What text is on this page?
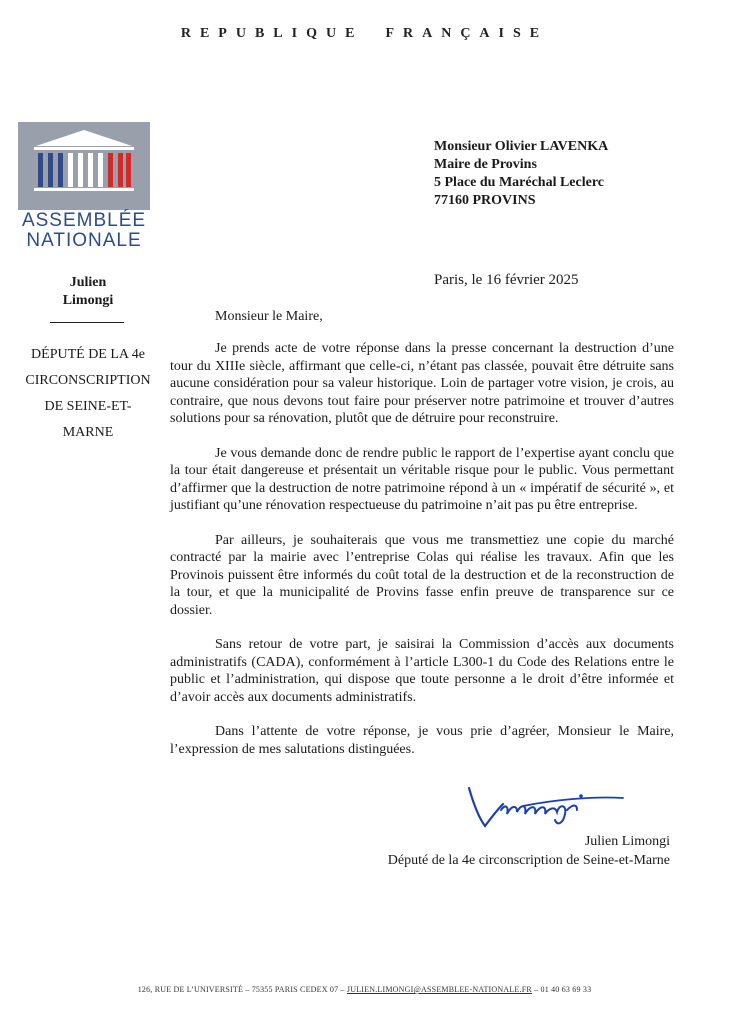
REPUBLIQUE FRANÇAISE
ASSEMBLÉE
NATIONALE
Julien
Limongi
DÉPUTÉ DE LA 4e
CIRCONSCRIPTION
DE SEINE-ET-
MARNE
Monsieur Olivier LAVENKA
Maire de Provins
5 Place du Maréchal Leclerc
77160 PROVINS
Paris, le 16 février 2025
Monsieur le Maire,

Je prends acte de votre réponse dans la presse concernant la destruction d’une tour du XIIIe siècle, affirmant que celle-ci, n’étant pas classée, pouvait être détruite sans aucune considération pour sa valeur historique. Loin de partager votre vision, je crois, au contraire, que nous devons tout faire pour préserver notre patrimoine et trouver d’autres solutions pour sa rénovation, plutôt que de détruire pour reconstruire.

Je vous demande donc de rendre public le rapport de l’expertise ayant conclu que la tour était dangereuse et présentait un véritable risque pour le public. Vous permettant d’affirmer que la destruction de notre patrimoine répond à un « impératif de sécurité », et justifiant qu’une rénovation respectueuse du patrimoine n’ait pas pu être entreprise.

Par ailleurs, je souhaiterais que vous me transmettiez une copie du marché contracté par la mairie avec l’entreprise Colas qui réalise les travaux. Afin que les Provinois puissent être informés du coût total de la destruction et de la reconstruction de la tour, et que la municipalité de Provins fasse enfin preuve de transparence sur ce dossier.

Sans retour de votre part, je saisirai la Commission d’accès aux documents administratifs (CADA), conformément à l’article L300-1 du Code des Relations entre le public et l’administration, qui dispose que toute personne a le droit d’être informée et d’avoir accès aux documents administratifs.

Dans l’attente de votre réponse, je vous prie d’agréer, Monsieur le Maire, l’expression de mes salutations distinguées.

Julien Limongi
Député de la 4e circonscription de Seine-et-Marne
126, RUE DE L’UNIVERSITÉ – 75355 PARIS CEDEX 07 – JULIEN.LIMONGI@ASSEMBLEE-NATIONALE.FR – 01 40 63 69 33
